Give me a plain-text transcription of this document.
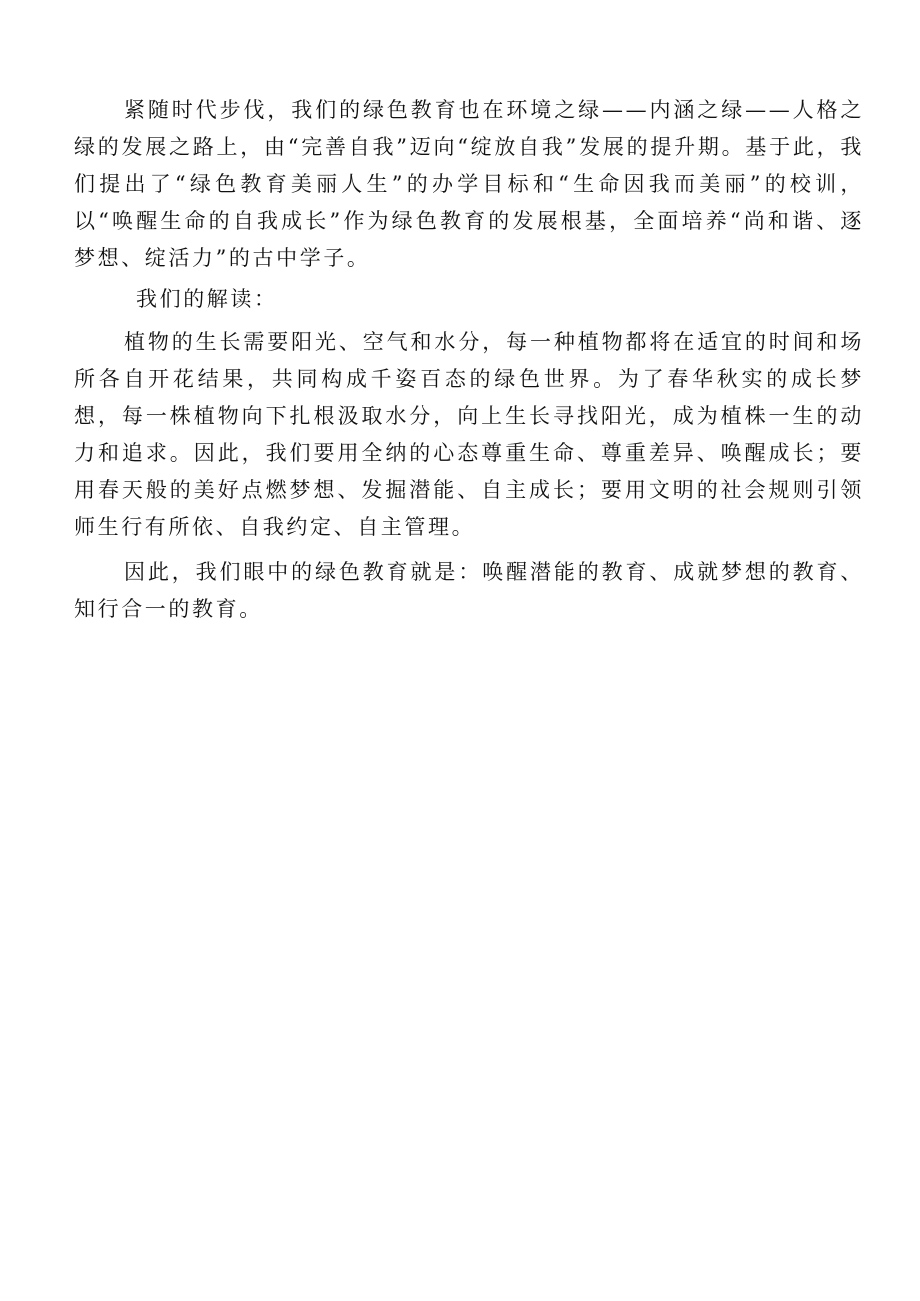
紧随时代步伐，我们的绿色教育也在环境之绿——内涵之绿——人格之绿的发展之路上，由“完善自我”迈向“绽放自我”发展的提升期。基于此，我们提出了“绿色教育美丽人生”的办学目标和“生命因我而美丽”的校训，以“唤醒生命的自我成长”作为绿色教育的发展根基，全面培养“尚和谐、逐梦想、绽活力”的古中学子。

我们的解读：

植物的生长需要阳光、空气和水分，每一种植物都将在适宜的时间和场所各自开花结果，共同构成千姿百态的绿色世界。为了春华秋实的成长梦想，每一株植物向下扎根汲取水分，向上生长寻找阳光，成为植株一生的动力和追求。因此，我们要用全纳的心态尊重生命、尊重差异、唤醒成长；要用春天般的美好点燃梦想、发掘潜能、自主成长；要用文明的社会规则引领师生行有所依、自我约定、自主管理。

因此，我们眼中的绿色教育就是：唤醒潜能的教育、成就梦想的教育、知行合一的教育。
